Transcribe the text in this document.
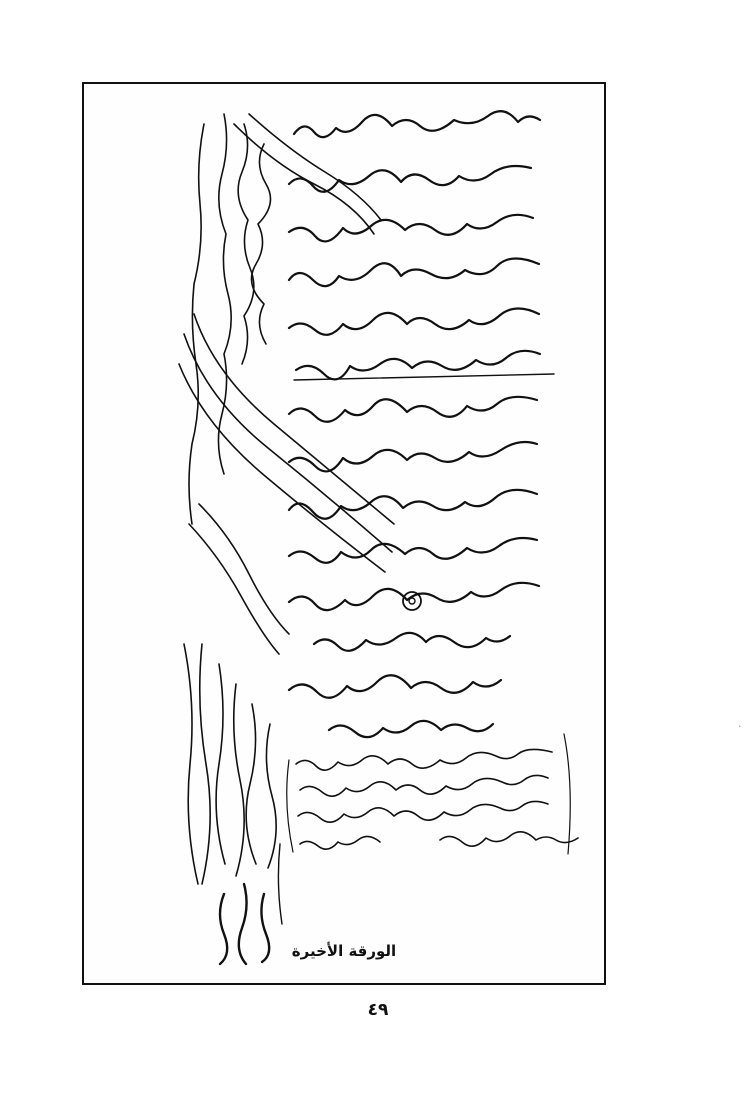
الورقة الأخيرة
٤٩
·
